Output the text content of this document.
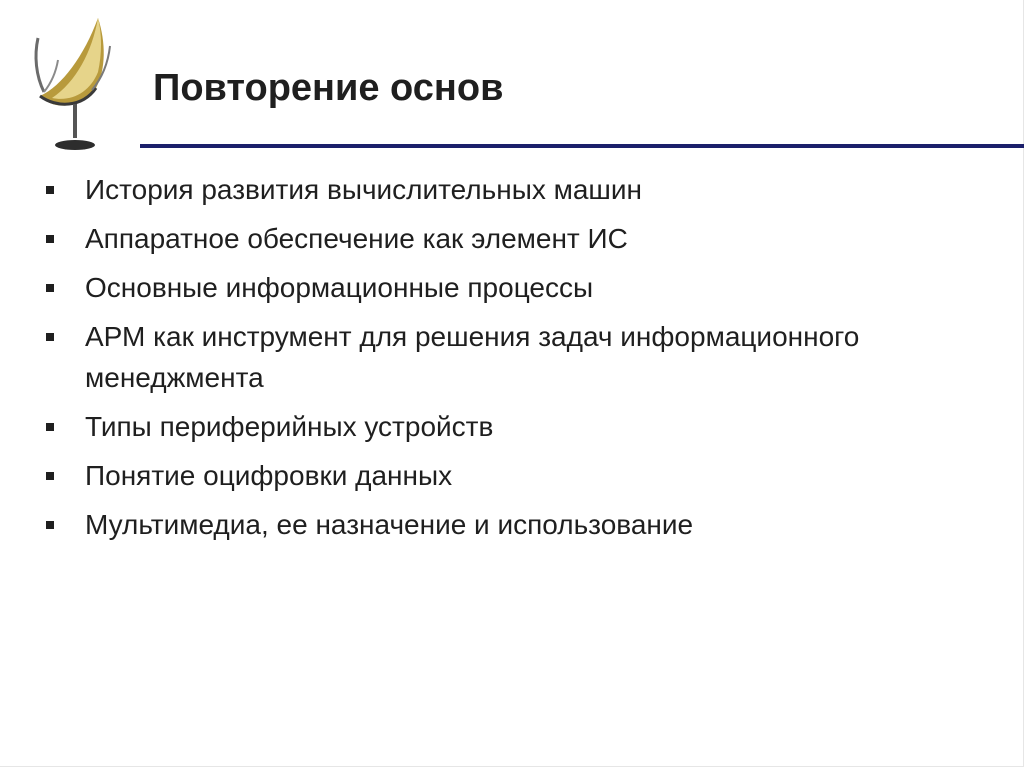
Повторение основ
История развития вычислительных машин
Аппаратное обеспечение как элемент ИС
Основные информационные процессы
АРМ как инструмент для решения задач информационного менеджмента
Типы периферийных устройств
Понятие оцифровки данных
Мультимедиа, ее назначение и использование
